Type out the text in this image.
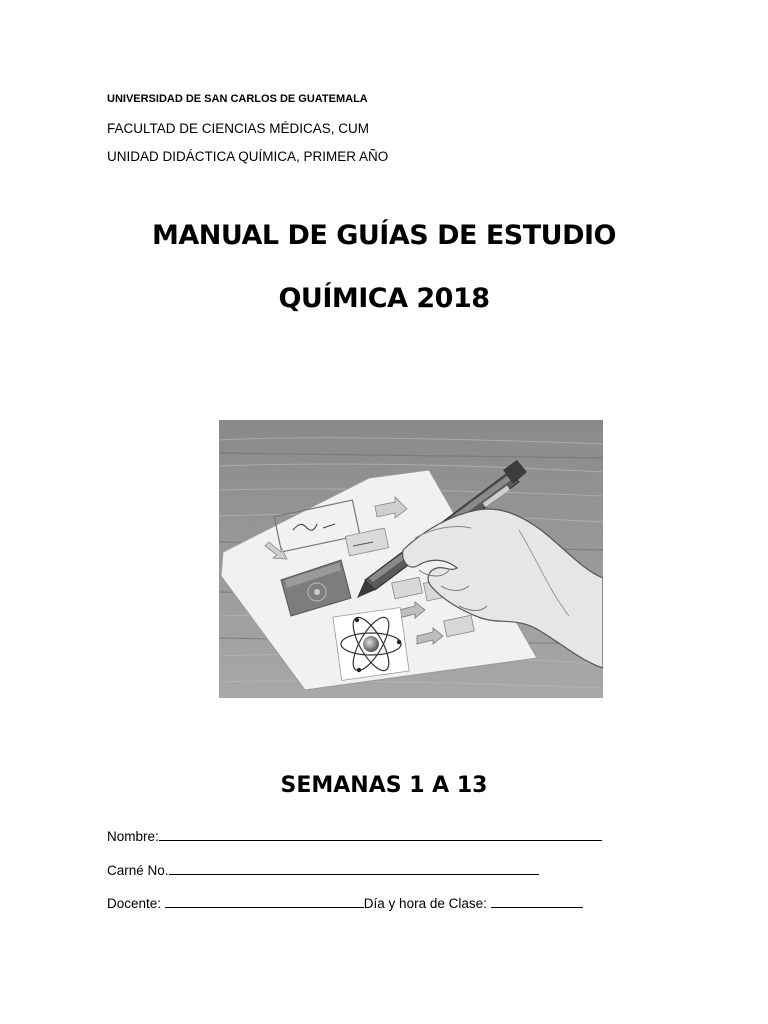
UNIVERSIDAD DE SAN CARLOS DE GUATEMALA
FACULTAD DE CIENCIAS MÉDICAS, CUM
UNIDAD DIDÁCTICA QUÍMICA, PRIMER AÑO
MANUAL DE GUÍAS DE ESTUDIO
QUÍMICA 2018
SEMANAS 1 A 13
Nombre:
Carné No.
Docente:	Día y hora de Clase:
